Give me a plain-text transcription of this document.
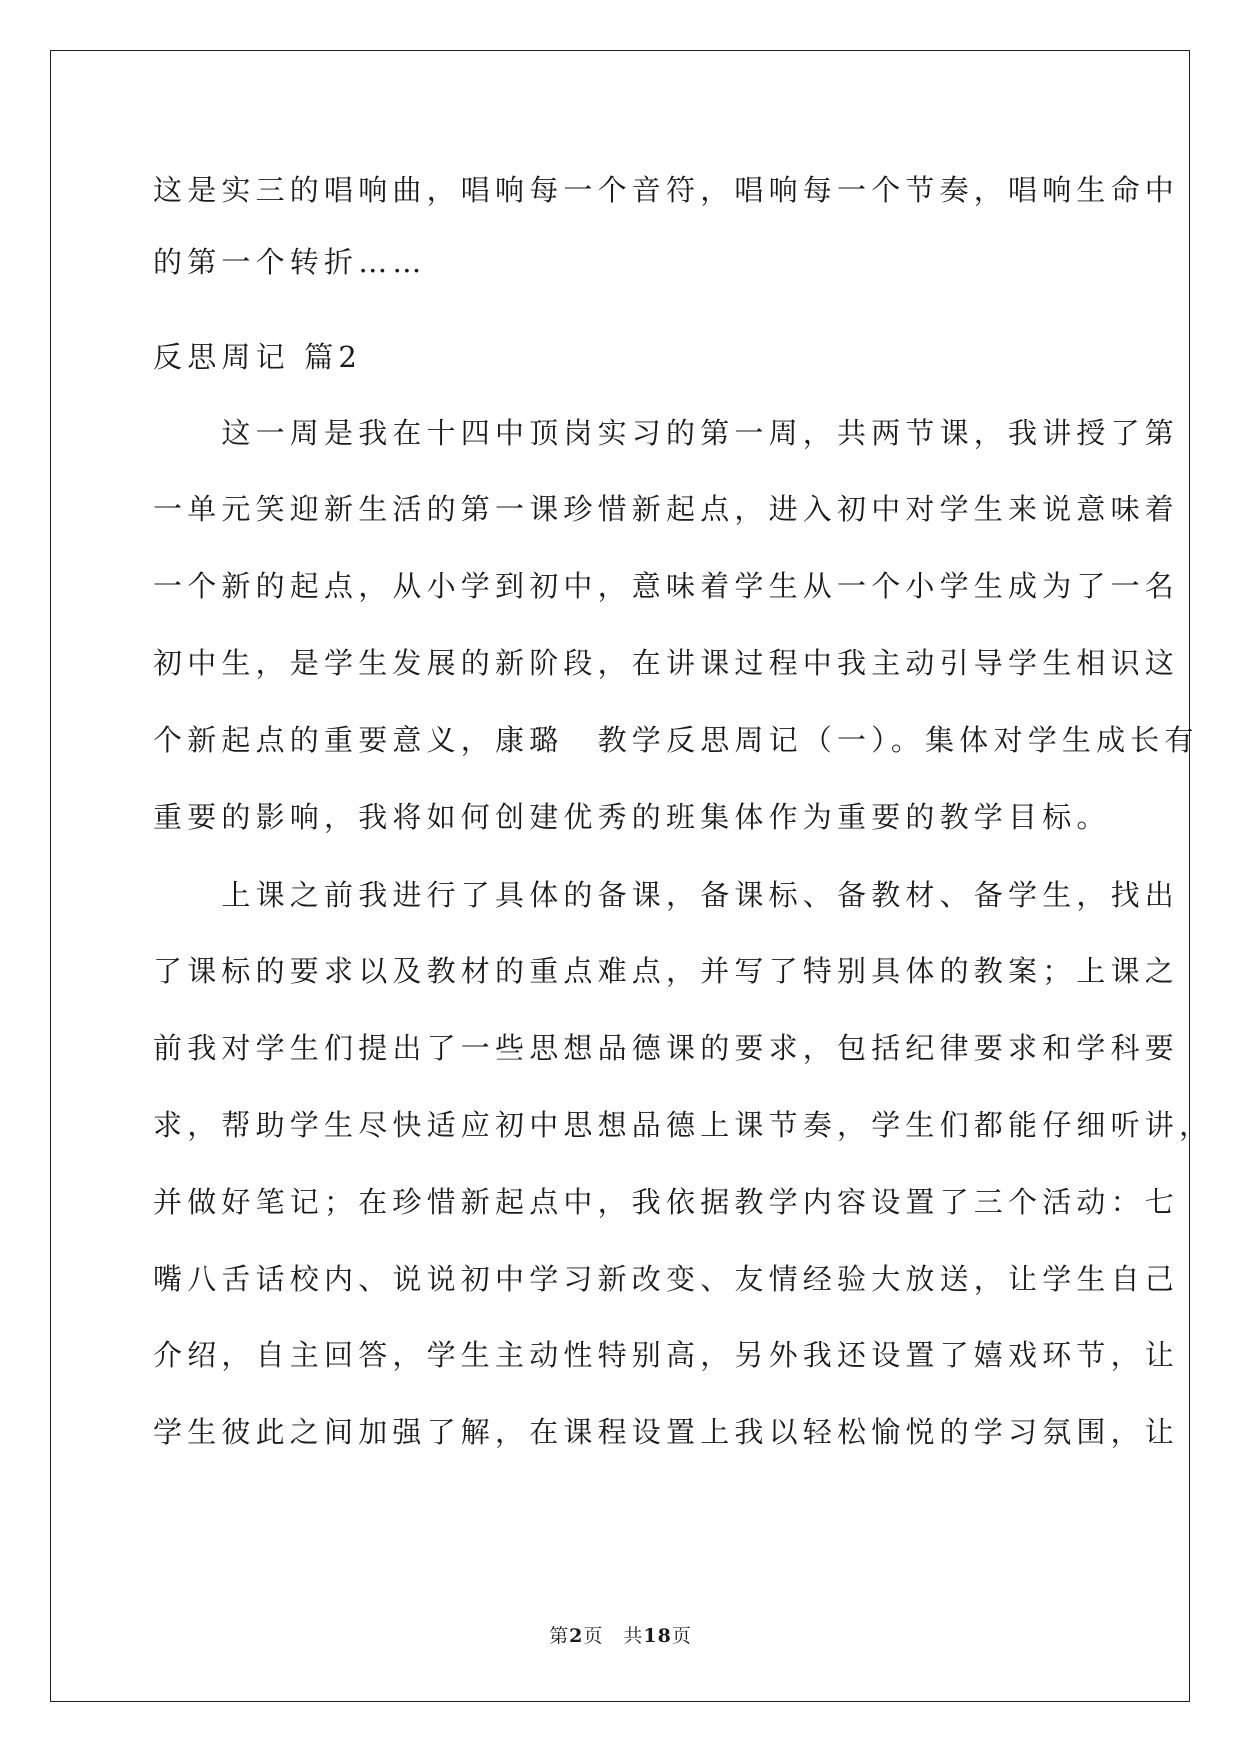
这是实三的唱响曲，唱响每一个音符，唱响每一个节奏，唱响生命中
的第一个转折……
反思周记 篇2
　　这一周是我在十四中顶岗实习的第一周，共两节课，我讲授了第
一单元笑迎新生活的第一课珍惜新起点，进入初中对学生来说意味着
一个新的起点，从小学到初中，意味着学生从一个小学生成为了一名
初中生，是学生发展的新阶段，在讲课过程中我主动引导学生相识这
个新起点的重要意义，康璐　教学反思周记（一）。集体对学生成长有
重要的影响，我将如何创建优秀的班集体作为重要的教学目标。
　　上课之前我进行了具体的备课，备课标、备教材、备学生，找出
了课标的要求以及教材的重点难点，并写了特别具体的教案；上课之
前我对学生们提出了一些思想品德课的要求，包括纪律要求和学科要
求，帮助学生尽快适应初中思想品德上课节奏，学生们都能仔细听讲，
并做好笔记；在珍惜新起点中，我依据教学内容设置了三个活动：七
嘴八舌话校内、说说初中学习新改变、友情经验大放送，让学生自己
介绍，自主回答，学生主动性特别高，另外我还设置了嬉戏环节，让
学生彼此之间加强了解，在课程设置上我以轻松愉悦的学习氛围，让
第2页　共18页
